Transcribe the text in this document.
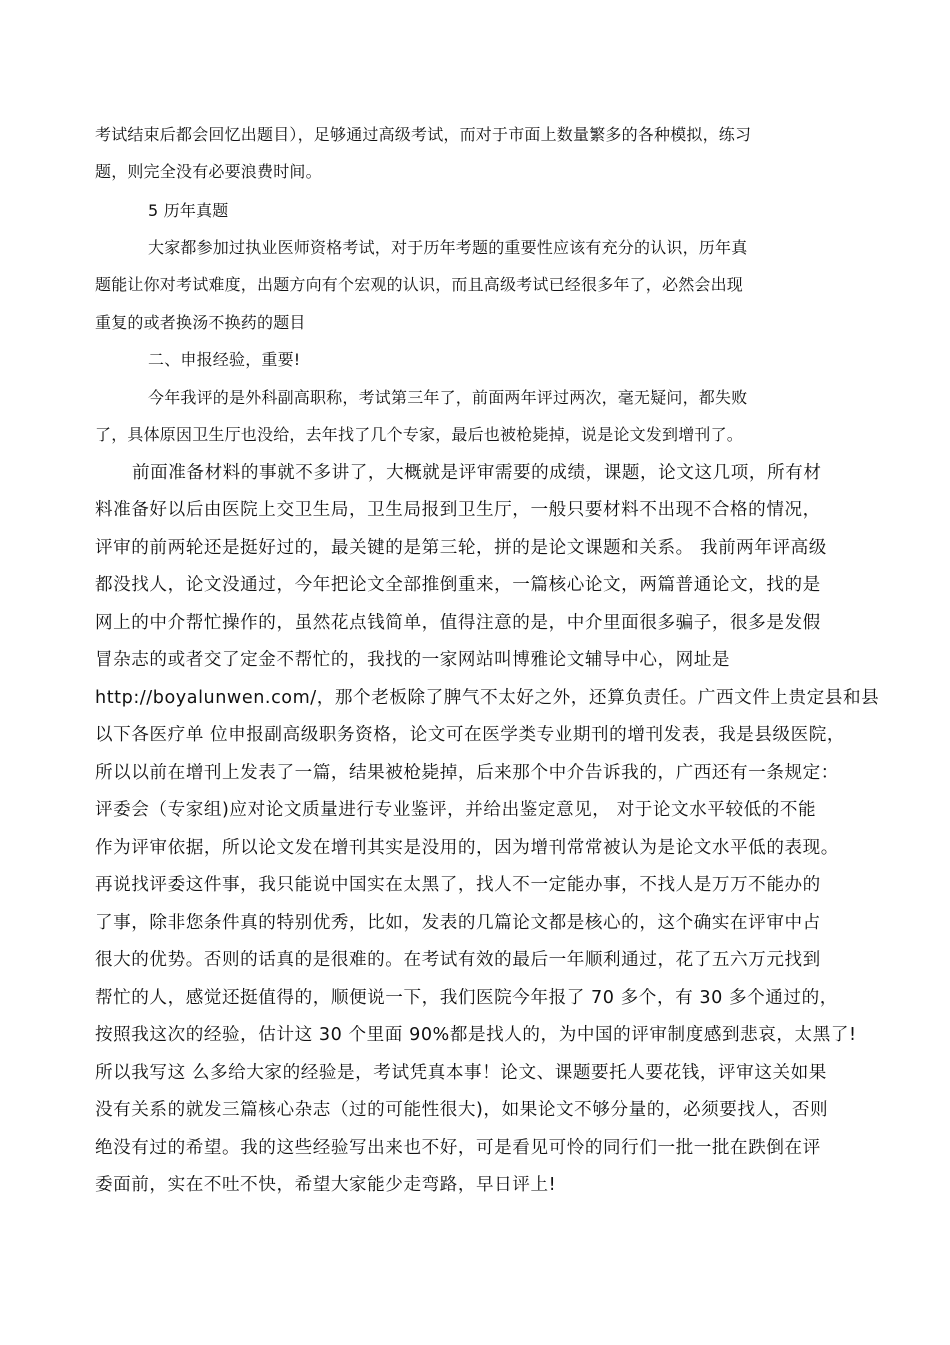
考试结束后都会回忆出题目），足够通过高级考试，而对于市面上数量繁多的各种模拟，练习
题，则完全没有必要浪费时间。
5 历年真题
大家都参加过执业医师资格考试，对于历年考题的重要性应该有充分的认识，历年真
题能让你对考试难度，出题方向有个宏观的认识，而且高级考试已经很多年了，必然会出现
重复的或者换汤不换药的题目
二、申报经验，重要!
今年我评的是外科副高职称，考试第三年了，前面两年评过两次，毫无疑问，都失败
了，具体原因卫生厅也没给，去年找了几个专家，最后也被枪毙掉，说是论文发到增刊了。
前面准备材料的事就不多讲了，大概就是评审需要的成绩，课题，论文这几项，所有材
料准备好以后由医院上交卫生局，卫生局报到卫生厅，一般只要材料不出现不合格的情况，
评审的前两轮还是挺好过的，最关键的是第三轮，拼的是论文课题和关系。 我前两年评高级
都没找人，论文没通过，今年把论文全部推倒重来，一篇核心论文，两篇普通论文，找的是
网上的中介帮忙操作的，虽然花点钱简单，值得注意的是，中介里面很多骗子，很多是发假
冒杂志的或者交了定金不帮忙的，我找的一家网站叫博雅论文辅导中心，网址是
http://boyalunwen.com/，那个老板除了脾气不太好之外，还算负责任。广西文件上贵定县和县
以下各医疗单 位申报副高级职务资格，论文可在医学类专业期刊的增刊发表，我是县级医院，
所以以前在增刊上发表了一篇，结果被枪毙掉，后来那个中介告诉我的，广西还有一条规定：
评委会（专家组)应对论文质量进行专业鉴评，并给出鉴定意见， 对于论文水平较低的不能
作为评审依据，所以论文发在增刊其实是没用的，因为增刊常常被认为是论文水平低的表现。
再说找评委这件事，我只能说中国实在太黑了，找人不一定能办事，不找人是万万不能办的
了事，除非您条件真的特别优秀，比如，发表的几篇论文都是核心的，这个确实在评审中占
很大的优势。否则的话真的是很难的。在考试有效的最后一年顺利通过，花了五六万元找到
帮忙的人，感觉还挺值得的，顺便说一下，我们医院今年报了 70 多个，有 30 多个通过的，
按照我这次的经验，估计这 30 个里面 90%都是找人的，为中国的评审制度感到悲哀，太黑了!
所以我写这 么多给大家的经验是，考试凭真本事！论文、课题要托人要花钱，评审这关如果
没有关系的就发三篇核心杂志（过的可能性很大)，如果论文不够分量的，必须要找人，否则
绝没有过的希望。我的这些经验写出来也不好，可是看见可怜的同行们一批一批在跌倒在评
委面前，实在不吐不快，希望大家能少走弯路，早日评上!
